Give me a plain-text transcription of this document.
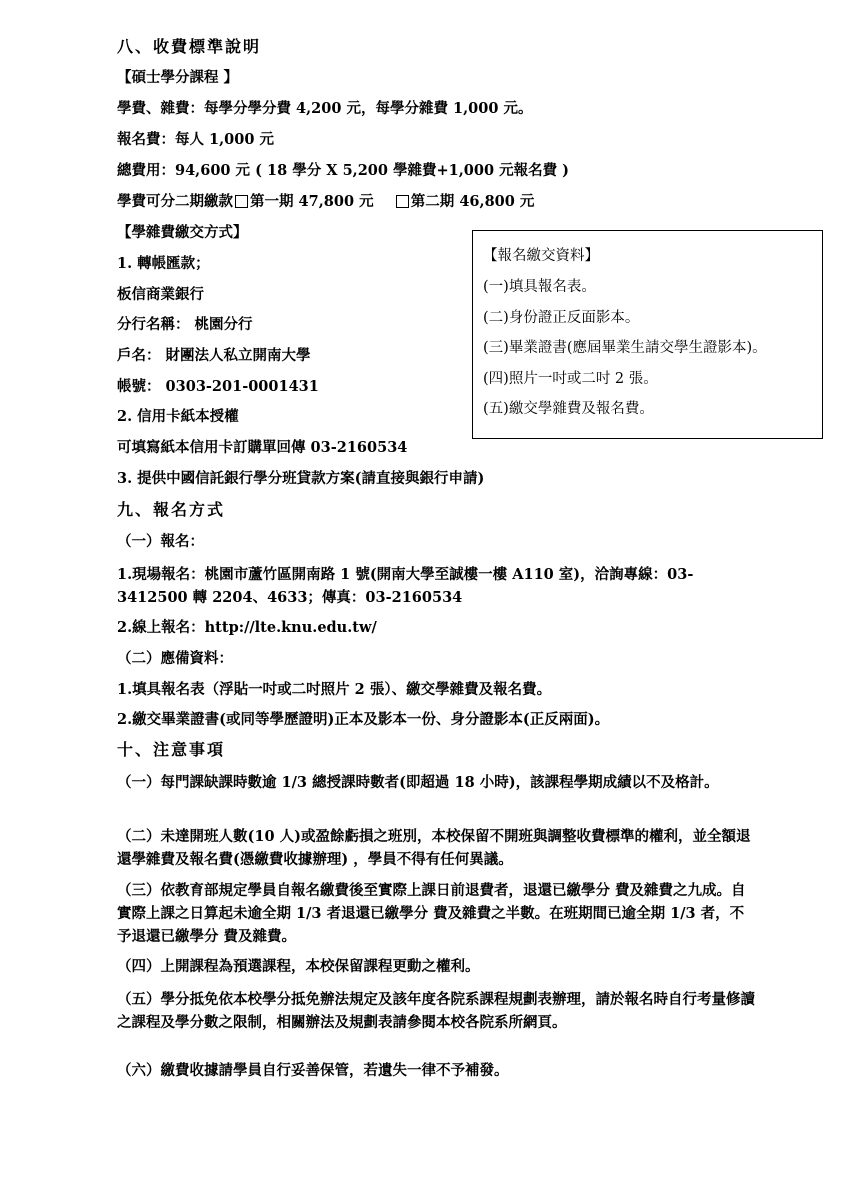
八、收費標準說明
【碩士學分課程 】
學費、雜費：每學分學分費 4,200 元，每學分雜費 1,000 元。
報名費：每人 1,000 元
總費用：94,600 元 ( 18 學分 X 5,200 學雜費+1,000 元報名費 )
學費可分二期繳款 第一期 47,800 元	第二期 46,800 元
【學雜費繳交方式】
1. 轉帳匯款；
板信商業銀行
分行名稱： 桃園分行
戶名： 財團法人私立開南大學
帳號： 0303-201-0001431
2. 信用卡紙本授權
可填寫紙本信用卡訂購單回傳 03-2160534
3. 提供中國信託銀行學分班貸款方案(請直接與銀行申請)
【報名繳交資料】
(一)填具報名表。
(二)身份證正反面影本。
(三)畢業證書(應屆畢業生請交學生證影本)。
(四)照片一吋或二吋 2 張。
(五)繳交學雜費及報名費。
九、報名方式
（一）報名：
1.現場報名：桃園市蘆竹區開南路 1 號(開南大學至誠樓一樓 A110 室)，洽詢專線：03-3412500 轉 2204、4633；傳真：03-2160534
2.線上報名：http://lte.knu.edu.tw/
（二）應備資料：
1.填具報名表（浮貼一吋或二吋照片 2 張）、繳交學雜費及報名費。
2.繳交畢業證書(或同等學歷證明)正本及影本一份、身分證影本(正反兩面)。
十、注意事項
（一）每門課缺課時數逾 1/3 總授課時數者(即超過 18 小時)，該課程學期成績以不及格計。
（二）未達開班人數(10 人)或盈餘虧損之班別，本校保留不開班與調整收費標準的權利，並全額退還學雜費及報名費(憑繳費收據辦理) ，學員不得有任何異議。
（三）依教育部規定學員自報名繳費後至實際上課日前退費者，退還已繳學分 費及雜費之九成。自實際上課之日算起未逾全期 1/3 者退還已繳學分 費及雜費之半數。在班期間已逾全期 1/3 者，不予退還已繳學分 費及雜費。
（四）上開課程為預選課程，本校保留課程更動之權利。
（五）學分抵免依本校學分抵免辦法規定及該年度各院系課程規劃表辦理，請於報名時自行考量修讀之課程及學分數之限制，相關辦法及規劃表請參閱本校各院系所網頁。
（六）繳費收據請學員自行妥善保管，若遺失一律不予補發。
